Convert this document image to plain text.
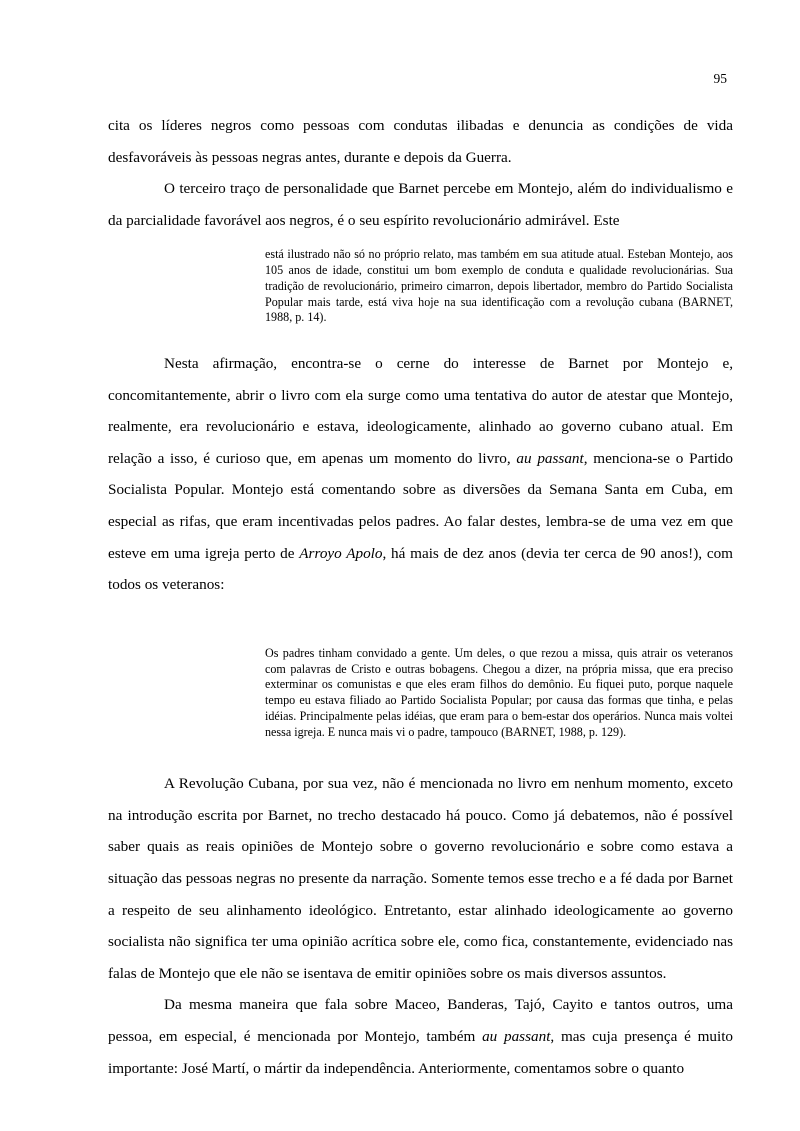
95

cita os líderes negros como pessoas com condutas ilibadas e denuncia as condições de vida desfavoráveis às pessoas negras antes, durante e depois da Guerra.

O terceiro traço de personalidade que Barnet percebe em Montejo, além do individualismo e da parcialidade favorável aos negros, é o seu espírito revolucionário admirável. Este

está ilustrado não só no próprio relato, mas também em sua atitude atual. Esteban Montejo, aos 105 anos de idade, constitui um bom exemplo de conduta e qualidade revolucionárias. Sua tradição de revolucionário, primeiro cimarron, depois libertador, membro do Partido Socialista Popular mais tarde, está viva hoje na sua identificação com a revolução cubana (BARNET, 1988, p. 14).

Nesta afirmação, encontra-se o cerne do interesse de Barnet por Montejo e, concomitantemente, abrir o livro com ela surge como uma tentativa do autor de atestar que Montejo, realmente, era revolucionário e estava, ideologicamente, alinhado ao governo cubano atual. Em relação a isso, é curioso que, em apenas um momento do livro, au passant, menciona-se o Partido Socialista Popular. Montejo está comentando sobre as diversões da Semana Santa em Cuba, em especial as rifas, que eram incentivadas pelos padres. Ao falar destes, lembra-se de uma vez em que esteve em uma igreja perto de Arroyo Apolo, há mais de dez anos (devia ter cerca de 90 anos!), com todos os veteranos:

Os padres tinham convidado a gente. Um deles, o que rezou a missa, quis atrair os veteranos com palavras de Cristo e outras bobagens. Chegou a dizer, na própria missa, que era preciso exterminar os comunistas e que eles eram filhos do demônio. Eu fiquei puto, porque naquele tempo eu estava filiado ao Partido Socialista Popular; por causa das formas que tinha, e pelas idéias. Principalmente pelas idéias, que eram para o bem-estar dos operários. Nunca mais voltei nessa igreja. E nunca mais vi o padre, tampouco (BARNET, 1988, p. 129).

A Revolução Cubana, por sua vez, não é mencionada no livro em nenhum momento, exceto na introdução escrita por Barnet, no trecho destacado há pouco. Como já debatemos, não é possível saber quais as reais opiniões de Montejo sobre o governo revolucionário e sobre como estava a situação das pessoas negras no presente da narração. Somente temos esse trecho e a fé dada por Barnet a respeito de seu alinhamento ideológico. Entretanto, estar alinhado ideologicamente ao governo socialista não significa ter uma opinião acrítica sobre ele, como fica, constantemente, evidenciado nas falas de Montejo que ele não se isentava de emitir opiniões sobre os mais diversos assuntos.

Da mesma maneira que fala sobre Maceo, Banderas, Tajó, Cayito e tantos outros, uma pessoa, em especial, é mencionada por Montejo, também au passant, mas cuja presença é muito importante: José Martí, o mártir da independência. Anteriormente, comentamos sobre o quanto
